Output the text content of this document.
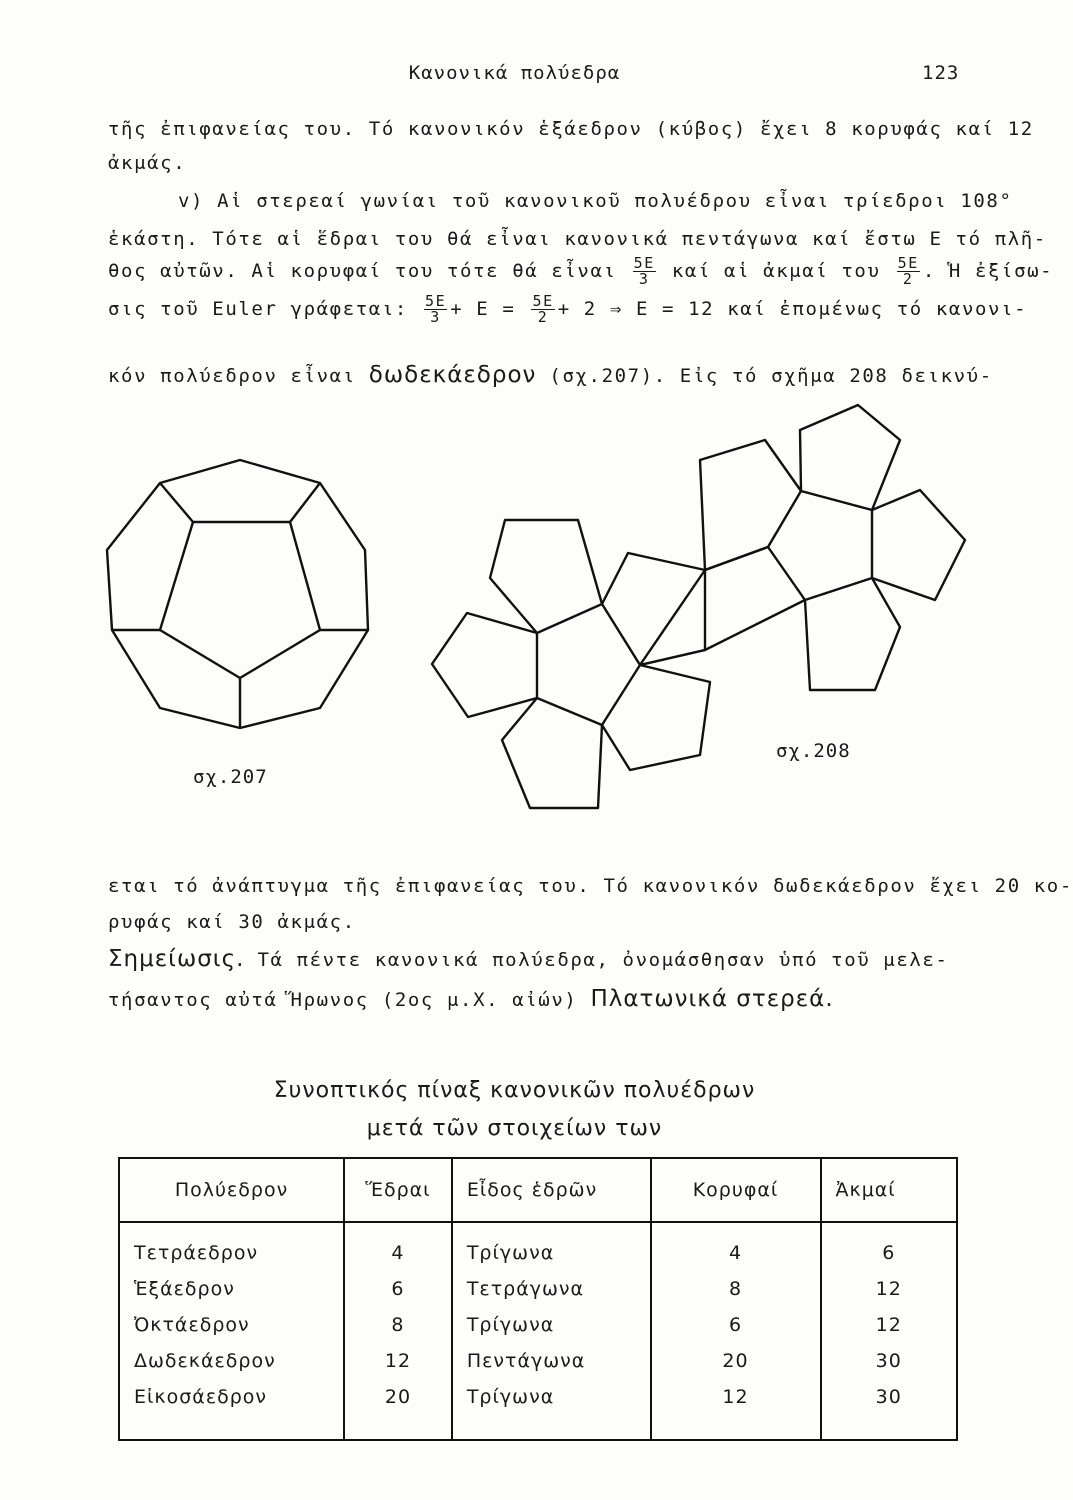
Κανονικά πολύεδρα	123
τῆς ἐπιφανείας του. Τό κανονικόν ἑξάεδρον (κύβος) ἔχει 8 κορυφάς καί 12
ἀκμάς.
v) Αἱ στερεαί γωνίαι τοῦ κανονικοῦ πολυέδρου εἶναι τρίεδροι 108°
ἑκάστη. Τότε αἱ ἕδραι του θά εἶναι κανονικά πεντάγωνα καί ἔστω Ε τό πλῆ-
θος αὐτῶν. Αἱ κορυφαί του τότε θά εἶναι $\frac{5E}{3}$ καί αἱ ἀκμαί του $\frac{5E}{2}$ . Ἡ ἐξίσω-
σις τοῦ Euler γράφεται: $\frac{5E}{3} + E = \frac{5E}{2} + 2$ ⇒ Ε = 12 καί ἐπομένως τό κανονι-
κόν πολύεδρον εἶναι δωδεκάεδρον (σχ.207). Εἰς τό σχῆμα 208 δεικνύ-
σχ.207
σχ.208
εται τό ἀνάπτυγμα τῆς ἐπιφανείας του. Τό κανονικόν δωδεκάεδρον ἔχει 20 κο-
ρυφάς καί 30 ἀκμάς.
Σημείωσις. Τά πέντε κανονικά πολύεδρα, ὀνομάσθησαν ὑπό τοῦ μελε-
τήσαντος αὐτά Ἥρωνος (2ος μ.Χ. αἰών) Πλατωνικά στερεά.
Συνοπτικός πίναξ κανονικῶν πολυέδρων
μετά τῶν στοιχείων των
Πολύεδρον	Ἕδραι	Εἶδος ἑδρῶν	Κορυφαί	Ἀκμαί
Τετράεδρον	4	Τρίγωνα	4	6
Ἑξάεδρον	6	Τετράγωνα	8	12
Ὀκτάεδρον	8	Τρίγωνα	6	12
Δωδεκάεδρον	12	Πεντάγωνα	20	30
Εἰκοσάεδρον	20	Τρίγωνα	12	30
